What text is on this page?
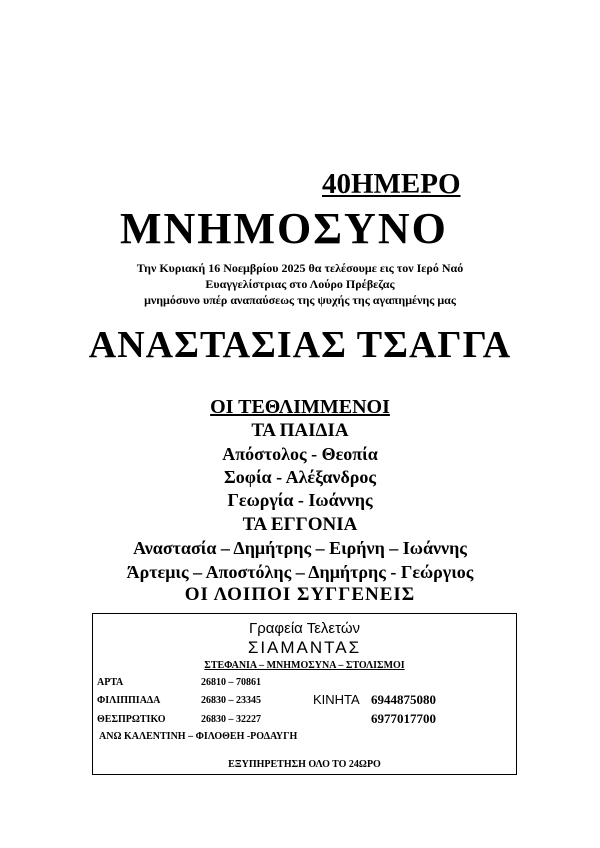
40ΗΜΕΡΟ
ΜΝΗΜΟΣΥΝΟ
Την Κυριακή 16 Νοεμβρίου 2025 θα τελέσουμε εις τον Ιερό Ναό
Ευαγγελίστριας στο Λούρο Πρέβεζας
μνημόσυνο υπέρ αναπαύσεως της ψυχής της αγαπημένης μας
ΑΝΑΣΤΑΣΙΑΣ ΤΣΑΓΓΑ
ΟΙ ΤΕΘΛΙΜΜΕΝΟΙ
ΤΑ ΠΑΙΔΙΑ
Απόστολος - Θεοπία
Σοφία - Αλέξανδρος
Γεωργία - Ιωάννης
ΤΑ ΕΓΓΟΝΙΑ
Αναστασία – Δημήτρης – Ειρήνη – Ιωάννης
Άρτεμις – Αποστόλης – Δημήτρης - Γεώργιος
ΟΙ ΛΟΙΠΟΙ ΣΥΓΓΕΝΕΙΣ
Γραφεία Τελετών
ΣΙΑΜΑΝΤΑΣ
ΣΤΕΦΑΝΙΑ – ΜΝΗΜΟΣΥΝΑ – ΣΤΟΛΙΣΜΟΙ
ΑΡΤΑ	26810 – 70861
ΦΙΛΙΠΠΙΑΔΑ	26830 – 23345	ΚΙΝΗΤΑ 6944875080
ΘΕΣΠΡΩΤΙΚΟ	26830 – 32227	6977017700
ΑΝΩ ΚΑΛΕΝΤΙΝΗ – ΦΙΛΟΘΕΗ -ΡΟΔΑΥΓΗ
ΕΞΥΠΗΡΕΤΗΣΗ ΟΛΟ ΤΟ 24ΩΡΟ
